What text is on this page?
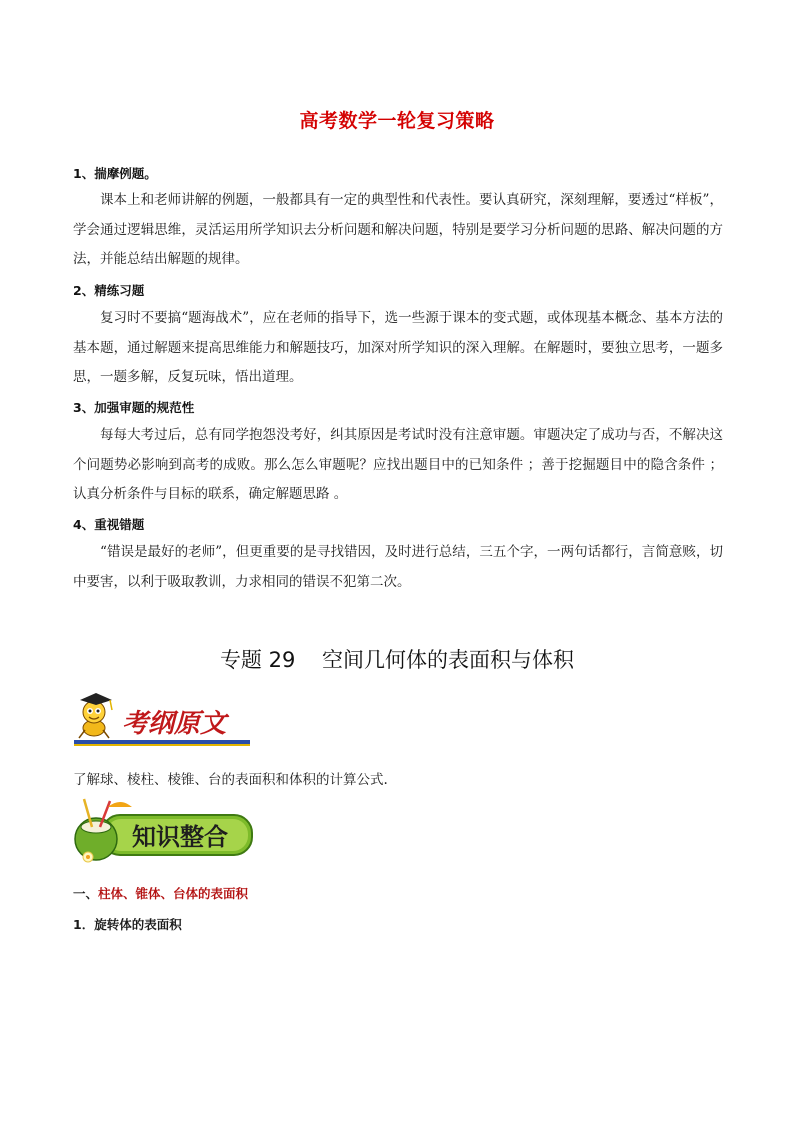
高考数学一轮复习策略
1、揣摩例题。
课本上和老师讲解的例题，一般都具有一定的典型性和代表性。要认真研究，深刻理解，要透过“样板”，学会通过逻辑思维，灵活运用所学知识去分析问题和解决问题，特别是要学习分析问题的思路、解决问题的方法，并能总结出解题的规律。
2、精练习题
复习时不要搞“题海战术”，应在老师的指导下，选一些源于课本的变式题，或体现基本概念、基本方法的基本题，通过解题来提高思维能力和解题技巧，加深对所学知识的深入理解。在解题时，要独立思考，一题多思，一题多解，反复玩味，悟出道理。
3、加强审题的规范性
每每大考过后，总有同学抱怨没考好，纠其原因是考试时没有注意审题。审题决定了成功与否，不解决这个问题势必影响到高考的成败。那么怎么审题呢？应找出题目中的已知条件 ；善于挖掘题目中的隐含条件 ；认真分析条件与目标的联系，确定解题思路 。
4、重视错题
“错误是最好的老师”，但更重要的是寻找错因，及时进行总结，三五个字，一两句话都行，言简意赅，切中要害，以利于吸取教训，力求相同的错误不犯第二次。
专题 29    空间几何体的表面积与体积
考纲原文
了解球、棱柱、棱锥、台的表面积和体积的计算公式.
知识整合
一、柱体、锥体、台体的表面积
1．旋转体的表面积
